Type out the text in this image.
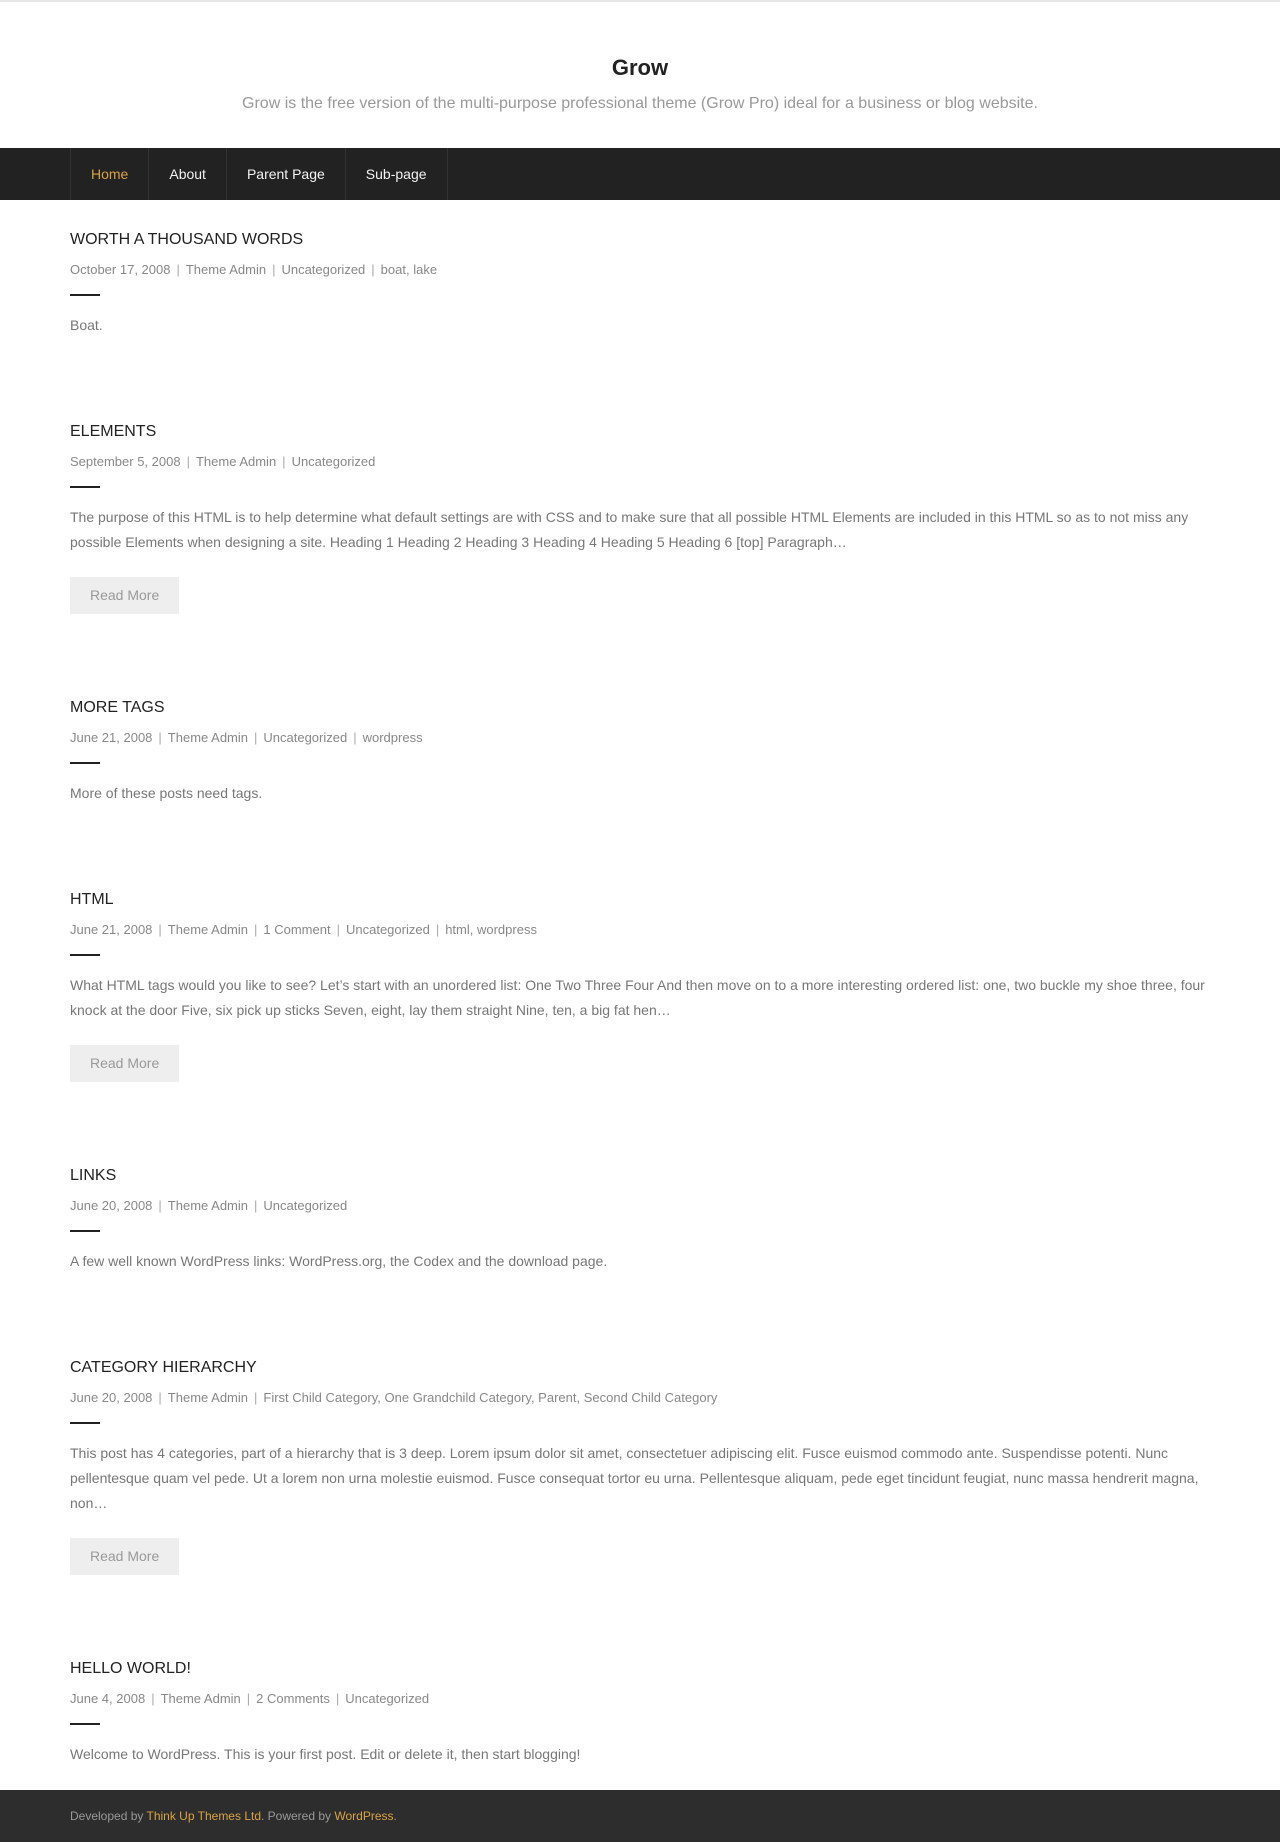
Grow
Grow is the free version of the multi-purpose professional theme (Grow Pro) ideal for a business or blog website.
Home	About	Parent Page	Sub-page
WORTH A THOUSAND WORDS
October 17, 2008 | Theme Admin | Uncategorized | boat, lake

Boat.

ELEMENTS
September 5, 2008 | Theme Admin | Uncategorized

The purpose of this HTML is to help determine what default settings are with CSS and to make sure that all possible HTML Elements are included in this HTML so as to not miss any possible Elements when designing a site. Heading 1 Heading 2 Heading 3 Heading 4 Heading 5 Heading 6 [top] Paragraph…

Read More
MORE TAGS
June 21, 2008 | Theme Admin | Uncategorized | wordpress

More of these posts need tags.

HTML
June 21, 2008 | Theme Admin | 1 Comment | Uncategorized | html, wordpress

What HTML tags would you like to see? Let’s start with an unordered list: One Two Three Four And then move on to a more interesting ordered list: one, two buckle my shoe three, four knock at the door Five, six pick up sticks Seven, eight, lay them straight Nine, ten, a big fat hen…

Read More
LINKS
June 20, 2008 | Theme Admin | Uncategorized

A few well known WordPress links: WordPress.org, the Codex and the download page.

CATEGORY HIERARCHY
June 20, 2008 | Theme Admin | First Child Category, One Grandchild Category, Parent, Second Child Category

This post has 4 categories, part of a hierarchy that is 3 deep. Lorem ipsum dolor sit amet, consectetuer adipiscing elit. Fusce euismod commodo ante. Suspendisse potenti. Nunc pellentesque quam vel pede. Ut a lorem non urna molestie euismod. Fusce consequat tortor eu urna. Pellentesque aliquam, pede eget tincidunt feugiat, nunc massa hendrerit magna, non…

Read More
HELLO WORLD!
June 4, 2008 | Theme Admin | 2 Comments | Uncategorized

Welcome to WordPress. This is your first post. Edit or delete it, then start blogging!

Developed by Think Up Themes Ltd. Powered by WordPress.
